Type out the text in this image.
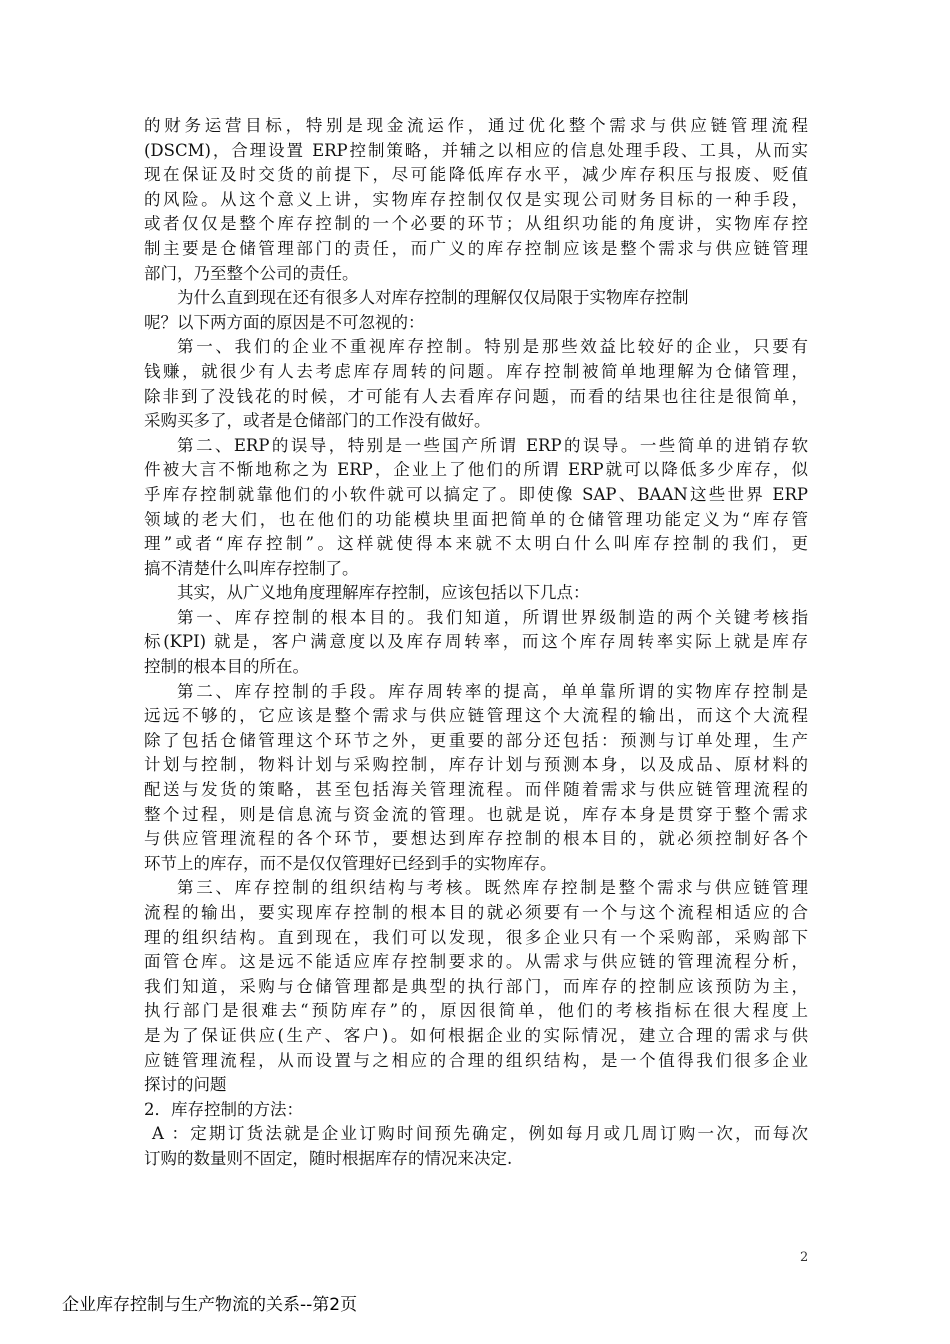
的财务运营目标，特别是现金流运作，通过优化整个需求与供应链管理流程
(DSCM)，合理设置 ERP控制策略，并辅之以相应的信息处理手段、工具，从而实
现在保证及时交货的前提下，尽可能降低库存水平，减少库存积压与报废、贬值
的风险。从这个意义上讲，实物库存控制仅仅是实现公司财务目标的一种手段，
或者仅仅是整个库存控制的一个必要的环节；从组织功能的角度讲，实物库存控
制主要是仓储管理部门的责任，而广义的库存控制应该是整个需求与供应链管理
部门，乃至整个公司的责任。
为什么直到现在还有很多人对库存控制的理解仅仅局限于实物库存控制
呢？以下两方面的原因是不可忽视的：
第一、我们的企业不重视库存控制。特别是那些效益比较好的企业，只要有
钱赚，就很少有人去考虑库存周转的问题。库存控制被简单地理解为仓储管理，
除非到了没钱花的时候，才可能有人去看库存问题，而看的结果也往往是很简单，
采购买多了，或者是仓储部门的工作没有做好。
第二、ERP的误导，特别是一些国产所谓 ERP的误导。一些简单的进销存软
件被大言不惭地称之为 ERP，企业上了他们的所谓 ERP就可以降低多少库存，似
乎库存控制就靠他们的小软件就可以搞定了。即使像 SAP、BAAN这些世界 ERP
领域的老大们，也在他们的功能模块里面把简单的仓储管理功能定义为“库存管
理”或者“库存控制”。这样就使得本来就不太明白什么叫库存控制的我们，更
搞不清楚什么叫库存控制了。
其实，从广义地角度理解库存控制，应该包括以下几点：
第一、库存控制的根本目的。我们知道，所谓世界级制造的两个关键考核指
标(KPI) 就是，客户满意度以及库存周转率，而这个库存周转率实际上就是库存
控制的根本目的所在。
第二、库存控制的手段。库存周转率的提高，单单靠所谓的实物库存控制是
远远不够的，它应该是整个需求与供应链管理这个大流程的输出，而这个大流程
除了包括仓储管理这个环节之外，更重要的部分还包括：预测与订单处理，生产
计划与控制，物料计划与采购控制，库存计划与预测本身，以及成品、原材料的
配送与发货的策略，甚至包括海关管理流程。而伴随着需求与供应链管理流程的
整个过程，则是信息流与资金流的管理。也就是说，库存本身是贯穿于整个需求
与供应管理流程的各个环节，要想达到库存控制的根本目的，就必须控制好各个
环节上的库存，而不是仅仅管理好已经到手的实物库存。
第三、库存控制的组织结构与考核。既然库存控制是整个需求与供应链管理
流程的输出，要实现库存控制的根本目的就必须要有一个与这个流程相适应的合
理的组织结构。直到现在，我们可以发现，很多企业只有一个采购部，采购部下
面管仓库。这是远不能适应库存控制要求的。从需求与供应链的管理流程分析，
我们知道，采购与仓储管理都是典型的执行部门，而库存的控制应该预防为主，
执行部门是很难去“预防库存”的，原因很简单，他们的考核指标在很大程度上
是为了保证供应(生产、客户)。如何根据企业的实际情况，建立合理的需求与供
应链管理流程，从而设置与之相应的合理的组织结构，是一个值得我们很多企业
探讨的问题
2．库存控制的方法：
A ：定期订货法就是企业订购时间预先确定，例如每月或几周订购一次，而每次
订购的数量则不固定，随时根据库存的情况来决定.
2
企业库存控制与生产物流的关系--第2页
